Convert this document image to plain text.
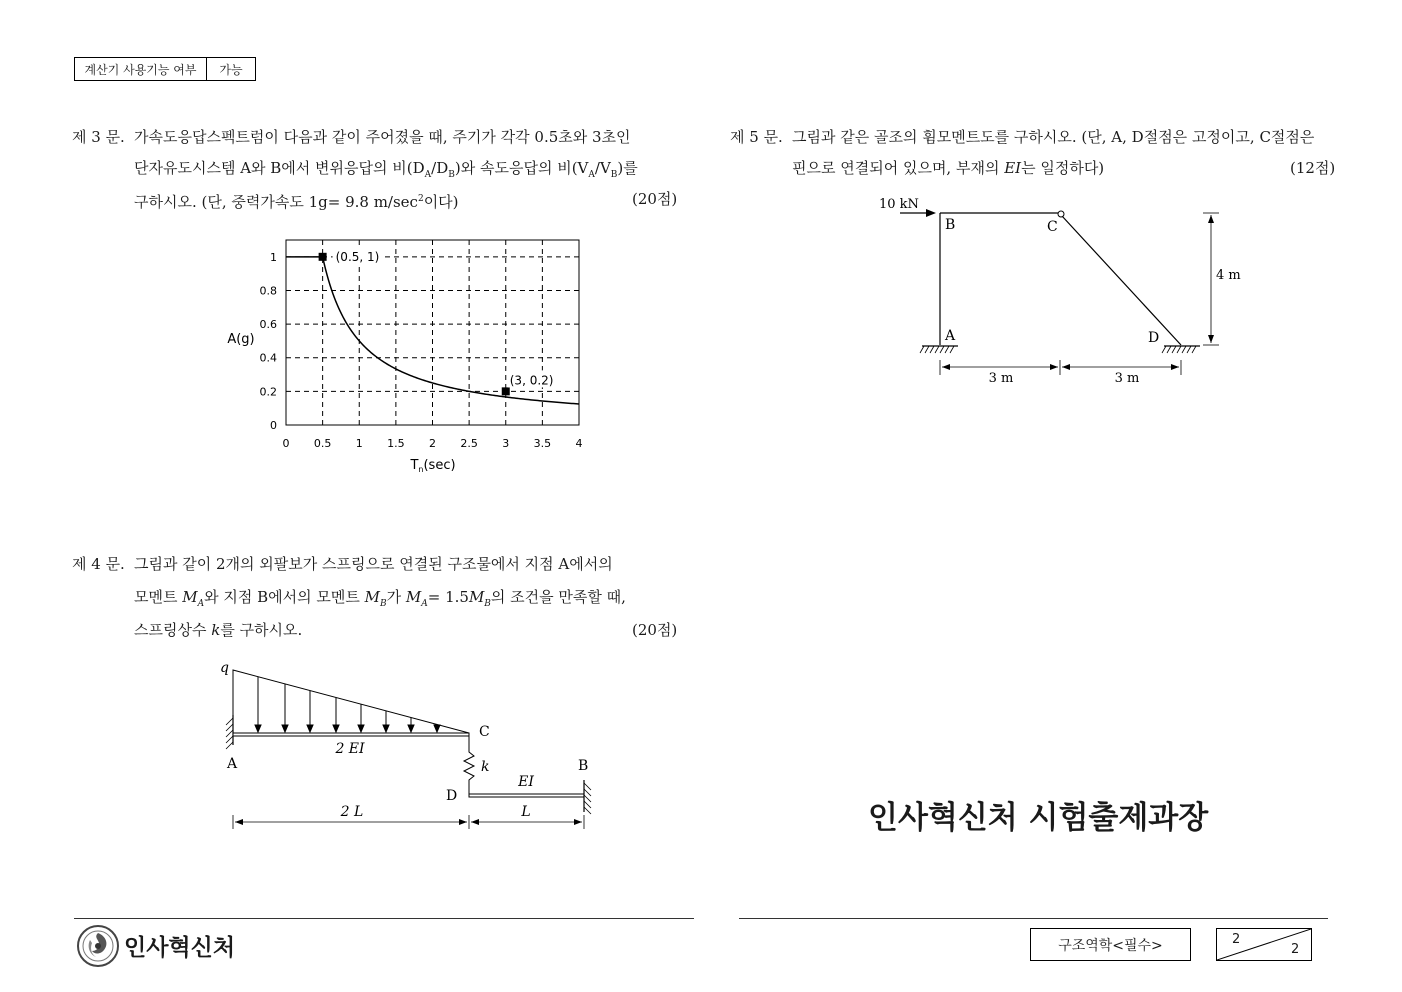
계산기 사용기능 여부	가능
제 3 문. 가속도응답스펙트럼이 다음과 같이 주어졌을 때, 주기가 각각 0.5초와 3초인
단자유도시스템 A와 B에서 변위응답의 비$(D_A/D_B)$와 속도응답의 비$(V_A/V_B)$를
구하시오. (단, 중력가속도 1g= 9.8 $m/\sec^2$이다)	(20점)
0 0.5 1 1.5 2 2.5 3 3.5 4
0
0.2
0.4
0.6
0.8
1	(0.5, 1)
(3, 0.2)
A(g)
$T_n(\sec)$
제 4 문. 그림과 같이 2개의 외팔보가 스프링으로 연결된 구조물에서 지점 A에서의
모멘트 $M_A$와 지점 B에서의 모멘트 $M_B$가 $M_A= 1.5M_B$의 조건을 만족할 때,
스프링상수 k를 구하시오.	(20점)
q
A
C
D
B
k
2 EI
EI
2 L	L
제 5 문. 그림과 같은 골조의 휨모멘트도를 구하시오. (단, A, D절점은 고정이고, C절점은
핀으로 연결되어 있으며, 부재의 EI는 일정하다)	(12점)
10 kN
B	C
A	D
4 m
3 m	3 m
인사혁신처 시험출제과장
인사혁신처	구조역학<필수>	2
2
